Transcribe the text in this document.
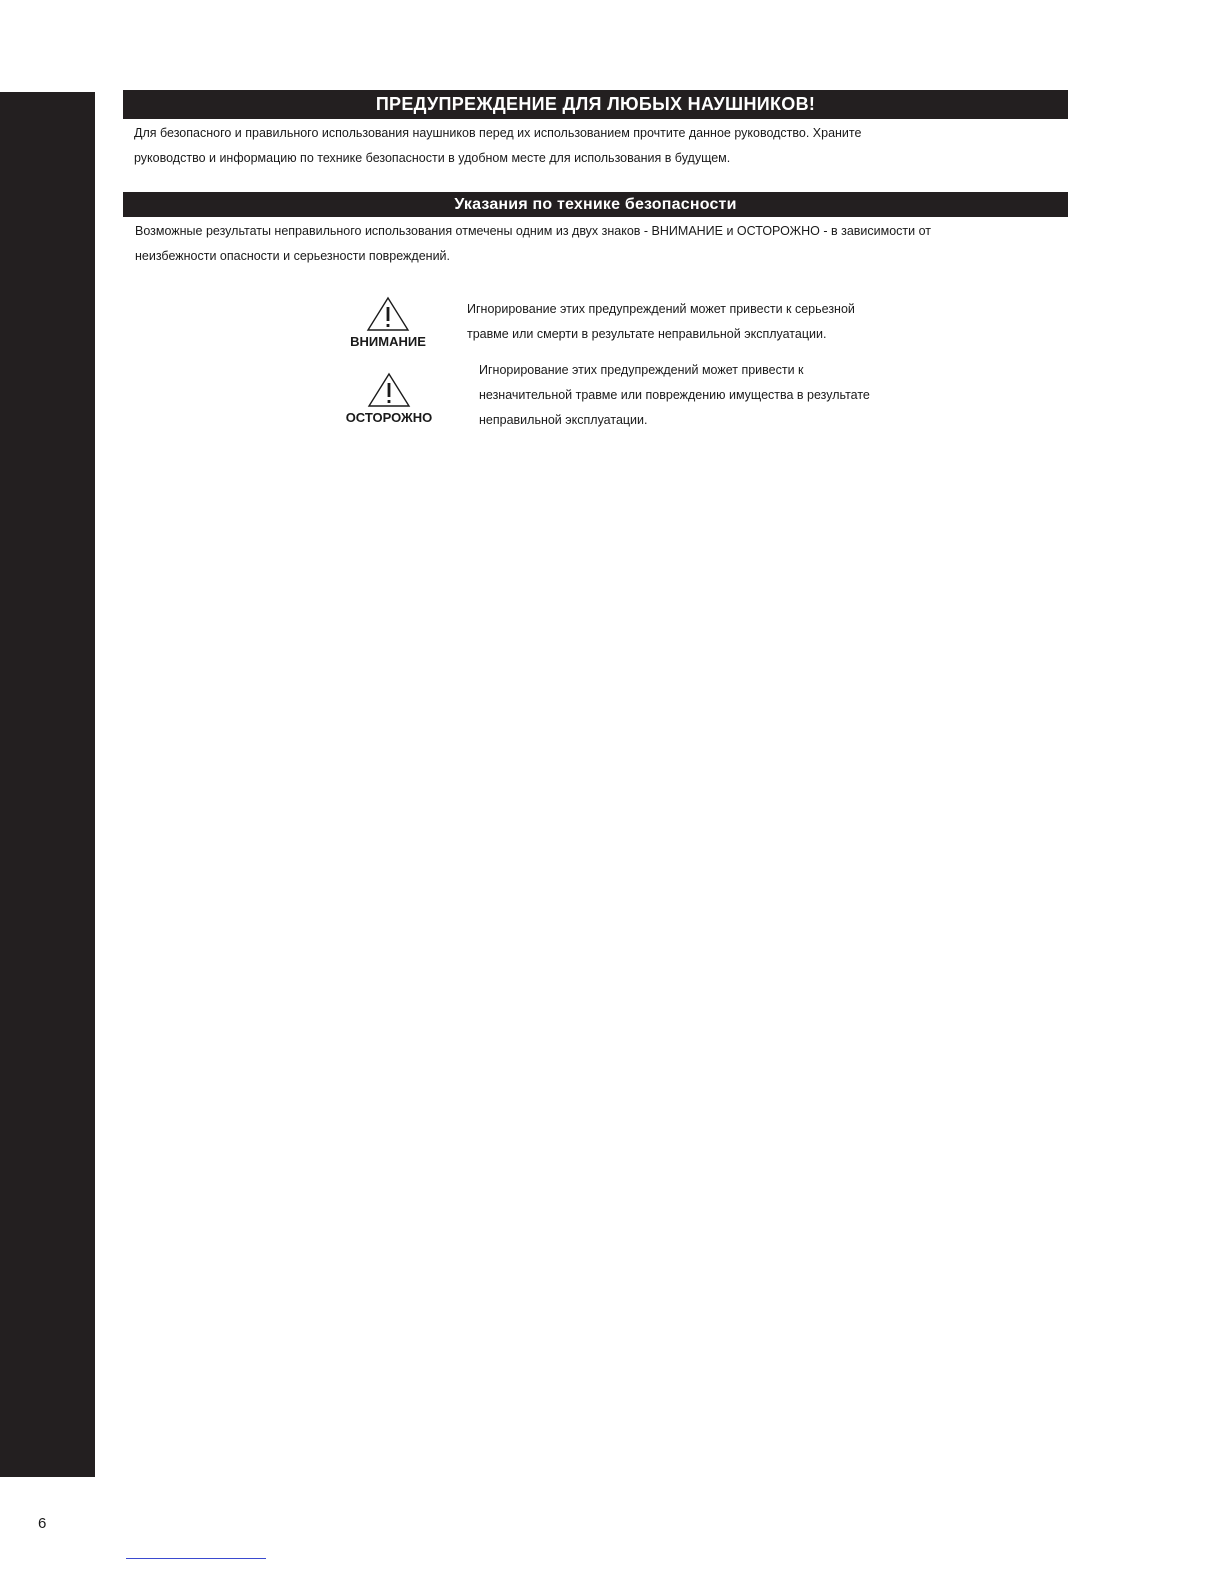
ПРЕДУПРЕЖДЕНИЕ ДЛЯ ЛЮБЫХ НАУШНИКОВ!
Для безопасного и правильного использования наушников перед их использованием прочтите данное руководство. Храните
руководство и информацию по технике безопасности в удобном месте для использования в будущем.
Указания по технике безопасности
Возможные результаты неправильного использования отмечены одним из двух знаков - ВНИМАНИЕ и ОСТОРОЖНО - в зависимости от
неизбежности опасности и серьезности повреждений.
ВНИМАНИЕ
Игнорирование этих предупреждений может привести к серьезной
травме или смерти в результате неправильной эксплуатации.
ОСТОРОЖНО
Игнорирование этих предупреждений может привести к
незначительной травме или повреждению имущества в результате
неправильной эксплуатации.
6
